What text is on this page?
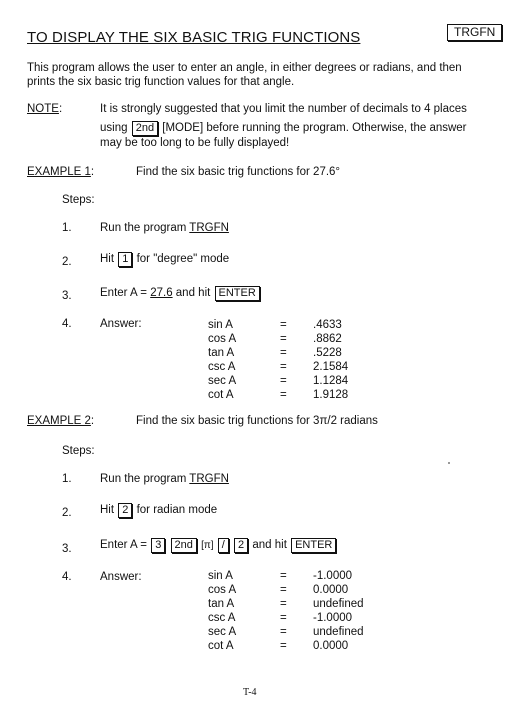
TO DISPLAY THE SIX BASIC TRIG FUNCTIONS	TRGFN
This program allows the user to enter an angle, in either degrees or radians, and then
prints the six basic trig function values for that angle.
NOTE:	It is strongly suggested that you limit the number of decimals to 4 places
using 2nd [MODE] before running the program. Otherwise, the answer
may be too long to be fully displayed!
EXAMPLE 1:	Find the six basic trig functions for 27.6°
Steps:
1. Run the program TRGFN
2. Hit 1 for "degree" mode
3. Enter A = 27.6 and hit ENTER
4. Answer:	sin A	= .4633
cos A	= .8862
tan A	= .5228
csc A	= 2.1584
sec A	= 1.1284
cot A	= 1.9128
EXAMPLE 2:	Find the six basic trig functions for 3π/2 radians
Steps:
1. Run the program TRGFN
2. Hit 2 for radian mode
3. Enter A = 3 2nd [π] / 2 and hit ENTER
4. Answer:	sin A	= -1.0000
cos A	= 0.0000
tan A	= undefined
csc A	= -1.0000
sec A	= undefined
cot A	= 0.0000
T-4
